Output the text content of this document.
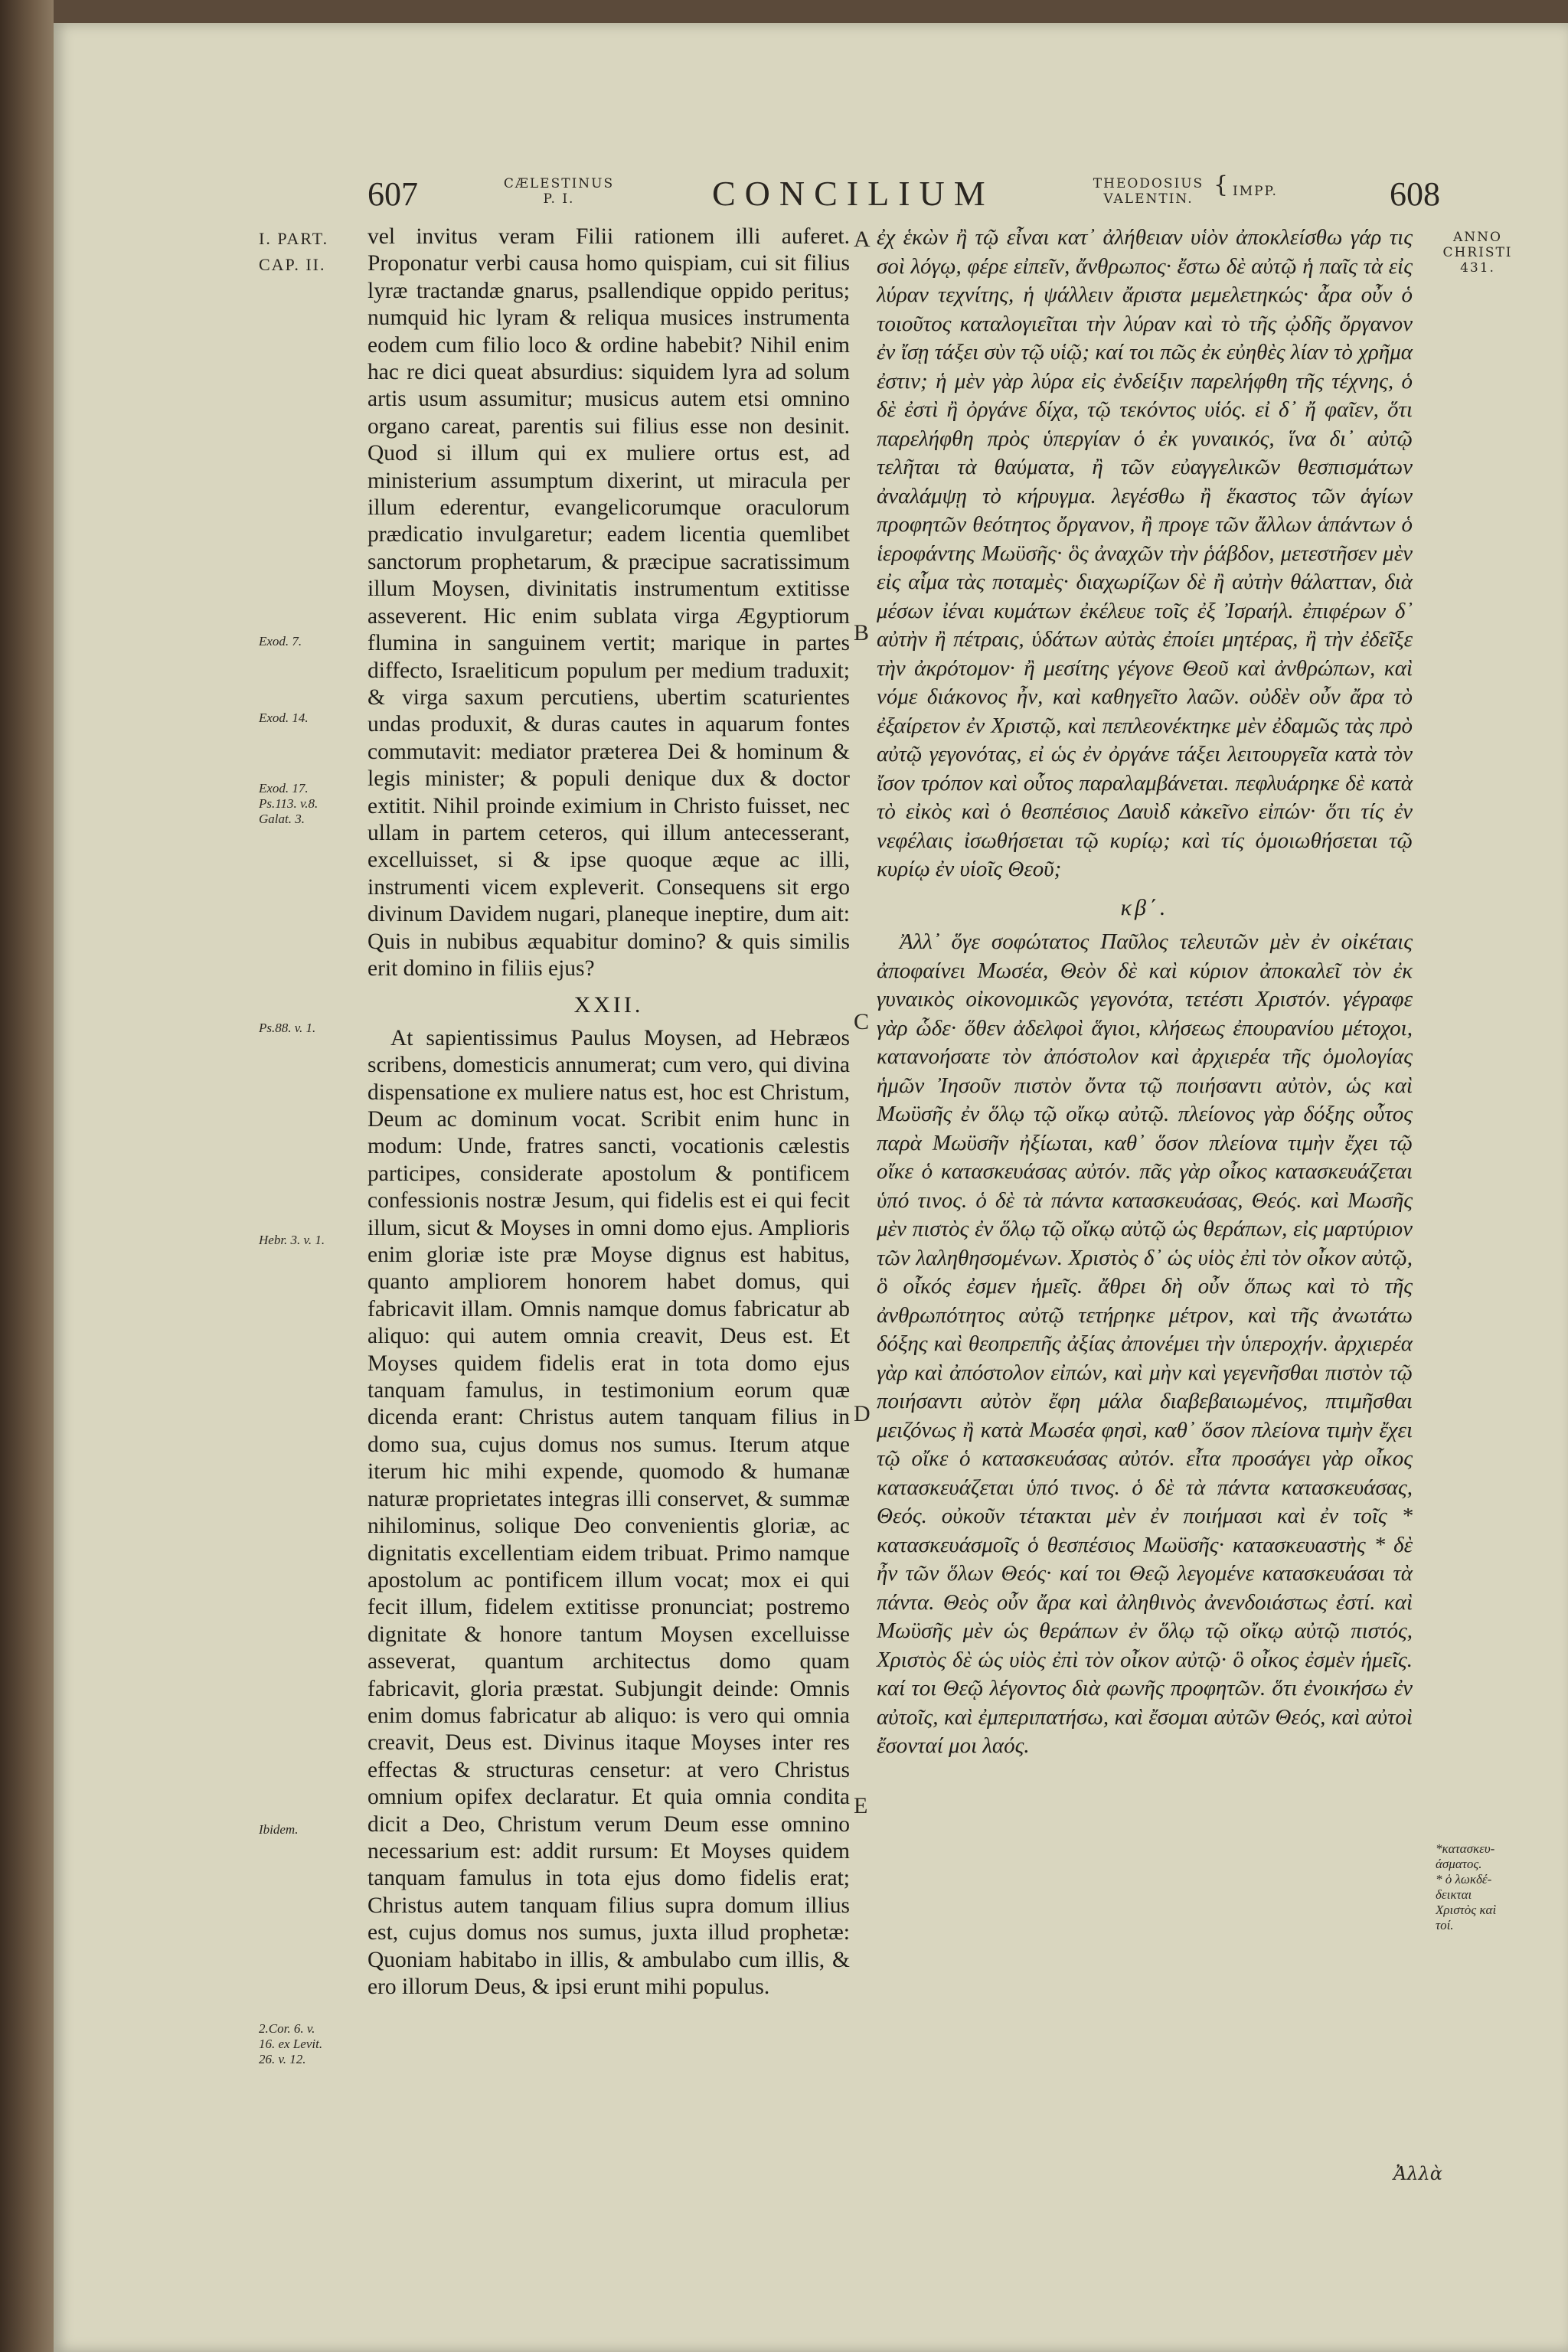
607	CÆLESTINUS
P. I.	CONCILIUM	THEODOSIUS
VALENTIN.
{ IMPP.	608
ANNO
CHRISTI
431.
I. PART.
CAP. II.
Exod. 7.
Exod. 14.
Exod. 17.
Ps.113. v.8.
Galat. 3.
Ps.88. v. 1.
Hebr. 3. v. 1.
Ibidem.
2.Cor. 6. v.
16. ex Levit.
26. v. 12.
A
B
C
D
E

vel invitus veram Filii rationem illi auferet. Proponatur verbi causa homo quispiam, cui sit filius lyræ tractandæ gnarus, psallendique oppido peritus; numquid hic lyram & reliqua musices instrumenta eodem cum filio loco & ordine habebit? Nihil enim hac re dici queat absurdius: siquidem lyra ad solum artis usum assumitur; musicus autem etsi omnino organo careat, parentis sui filius esse non desinit. Quod si illum qui ex muliere ortus est, ad ministerium assumptum dixerint, ut miracula per illum ederentur, evangelicorumque oraculorum prædicatio invulgaretur; eadem licentia quemlibet sanctorum prophetarum, & præcipue sacratissimum illum Moysen, divinitatis instrumentum extitisse asseverent. Hic enim sublata virga Ægyptiorum flumina in sanguinem vertit; marique in partes diffecto, Israeliticum populum per medium traduxit; & virga saxum percutiens, ubertim scaturientes undas produxit, & duras cautes in aquarum fontes commutavit: mediator præterea Dei & hominum & legis minister; & populi denique dux & doctor extitit. Nihil proinde eximium in Christo fuisset, nec ullam in partem ceteros, qui illum antecesserant, excelluisset, si & ipse quoque æque ac illi, instrumenti vicem expleverit. Consequens sit ergo divinum Davidem nugari, planeque ineptire, dum ait: Quis in nubibus æquabitur domino? & quis similis erit domino in filiis ejus?

XXII.

At sapientissimus Paulus Moysen, ad Hebræos scribens, domesticis annumerat; cum vero, qui divina dispensatione ex muliere natus est, hoc est Christum, Deum ac dominum vocat. Scribit enim hunc in modum: Unde, fratres sancti, vocationis cælestis participes, considerate apostolum & pontificem confessionis nostræ Jesum, qui fidelis est ei qui fecit illum, sicut & Moyses in omni domo ejus. Amplioris enim gloriæ iste præ Moyse dignus est habitus, quanto ampliorem honorem habet domus, qui fabricavit illam. Omnis namque domus fabricatur ab aliquo: qui autem omnia creavit, Deus est. Et Moyses quidem fidelis erat in tota domo ejus tanquam famulus, in testimonium eorum quæ dicenda erant: Christus autem tanquam filius in domo sua, cujus domus nos sumus. Iterum atque iterum hic mihi expende, quomodo & humanæ naturæ proprietates integras illi conservet, & summæ nihilominus, solique Deo convenientis gloriæ, ac dignitatis excellentiam eidem tribuat. Primo namque apostolum ac pontificem illum vocat; mox ei qui fecit illum, fidelem extitisse pronunciat; postremo dignitate & honore tantum Moysen excelluisse asseverat, quantum architectus domo quam fabricavit, gloria præstat. Subjungit deinde: Omnis enim domus fabricatur ab aliquo: is vero qui omnia creavit, Deus est. Divinus itaque Moyses inter res effectas & structuras censetur: at vero Christus omnium opifex declaratur. Et quia omnia condita dicit a Deo, Christum verum Deum esse omnino necessarium est: addit rursum: Et Moyses quidem tanquam famulus in tota ejus domo fidelis erat; Christus autem tanquam filius supra domum illius est, cujus domus nos sumus, juxta illud prophetæ: Quoniam habitabo in illis, & ambulabo cum illis, & ero illorum Deus, & ipsi erunt mihi populus.

ἐχ ἑκὼν ἢ τῷ εἶναι κατ᾽ ἀλήθειαν υἱὸν ἀποκλείσθω γάρ τις σοὶ λόγῳ, φέρε εἰπεῖν, ἄνθρωπος· ἔστω δὲ αὐτῷ ἡ παῖς τὰ εἰς λύραν τεχνίτης, ἡ ψάλλειν ἄριστα μεμελετηκώς· ἆρα οὖν ὁ τοιοῦτος καταλογιεῖται τὴν λύραν καὶ τὸ τῆς ᾠδῆς ὄργανον ἐν ἴσῃ τάξει σὺν τῷ υἱῷ; καί τοι πῶς ἐκ εὐηθὲς λίαν τὸ χρῆμα ἐστιν; ἡ μὲν γὰρ λύρα εἰς ἐνδείξιν παρελήφθη τῆς τέχνης, ὁ δὲ ἐστὶ ἢ ὀργάνε δίχα, τῷ τεκόντος υἱός. εἰ δ᾽ ἤ φαῖεν, ὅτι παρελήφθη πρὸς ὑπεργίαν ὁ ἐκ γυναικός, ἵνα δι᾽ αὐτῷ τελῆται τὰ θαύματα, ἢ τῶν εὐαγγελικῶν θεσπισμάτων ἀναλάμψῃ τὸ κήρυγμα. λεγέσθω ἢ ἕκαστος τῶν ἁγίων προφητῶν θεότητος ὄργανον, ἢ προγε τῶν ἄλλων ἁπάντων ὁ ἱεροφάντης Μωϋσῆς· ὃς ἀναχῶν τὴν ῥάβδον, μετεστῆσεν μὲν εἰς αἷμα τὰς ποταμὲς· διαχωρίζων δὲ ἢ αὐτὴν θάλατταν, διὰ μέσων ἰέναι κυμάτων ἐκέλευε τοῖς ἐξ Ἰσραήλ. ἐπιφέρων δ᾽ αὐτὴν ἢ πέτραις, ὑδάτων αὐτὰς ἐποίει μητέρας, ἢ τὴν ἐδεῖξε τὴν ἀκρότομον· ἢ μεσίτης γέγονε Θεοῦ καὶ ἀνθρώπων, καὶ νόμε διάκονος ἦν, καὶ καθηγεῖτο λαῶν. οὐδὲν οὖν ἄρα τὸ ἐξαίρετον ἐν Χριστῷ, καὶ πεπλεονέκτηκε μὲν ἐδαμῶς τὰς πρὸ αὐτῷ γεγονότας, εἰ ὡς ἐν ὀργάνε τάξει λειτουργεῖα κατὰ τὸν ἴσον τρόπον καὶ οὗτος παραλαμβάνεται. πεφλυάρηκε δὲ κατὰ τὸ εἰκὸς καὶ ὁ θεσπέσιος Δαυὶδ κἀκεῖνο εἰπών· ὅτι τίς ἐν νεφέλαις ἰσωθήσεται τῷ κυρίῳ; καὶ τίς ὁμοιωθήσεται τῷ κυρίῳ ἐν υἱοῖς Θεοῦ;

κβ΄.

Ἀλλ᾽ ὅγε σοφώτατος Παῦλος τελευτῶν μὲν ἐν οἰκέταις ἀποφαίνει Μωσέα, Θεὸν δὲ καὶ κύριον ἀποκαλεῖ τὸν ἐκ γυναικὸς οἰκονομικῶς γεγονότα, τετέστι Χριστόν. γέγραφε γὰρ ὧδε· ὅθεν ἀδελφοὶ ἅγιοι, κλήσεως ἐπουρανίου μέτοχοι, κατανοήσατε τὸν ἀπόστολον καὶ ἀρχιερέα τῆς ὁμολογίας ἡμῶν Ἰησοῦν πιστὸν ὄντα τῷ ποιήσαντι αὐτὸν, ὡς καὶ Μωϋσῆς ἐν ὅλῳ τῷ οἴκῳ αὐτῷ. πλείονος γὰρ δόξης οὗτος παρὰ Μωϋσῆν ἠξίωται, καθ᾽ ὅσον πλείονα τιμὴν ἔχει τῷ οἴκε ὁ κατασκευάσας αὐτόν. πᾶς γὰρ οἶκος κατασκευάζεται ὑπό τινος. ὁ δὲ τὰ πάντα κατασκευάσας, Θεός. καὶ Μωσῆς μὲν πιστὸς ἐν ὅλῳ τῷ οἴκῳ αὐτῷ ὡς θεράπων, εἰς μαρτύριον τῶν λαληθησομένων. Χριστὸς δ᾽ ὡς υἱὸς ἐπὶ τὸν οἶκον αὐτῷ, ὃ οἶκός ἐσμεν ἡμεῖς. ἄθρει δὴ οὖν ὅπως καὶ τὸ τῆς ἀνθρωπότητος αὐτῷ τετήρηκε μέτρον, καὶ τῆς ἀνωτάτω δόξης καὶ θεοπρεπῆς ἀξίας ἀπονέμει τὴν ὑπεροχήν. ἀρχιερέα γὰρ καὶ ἀπόστολον εἰπών, καὶ μὴν καὶ γεγενῆσθαι πιστὸν τῷ ποιήσαντι αὐτὸν ἔφη μάλα διαβεβαιωμένος, πτιμῆσθαι μειζόνως ἢ κατὰ Μωσέα φησὶ, καθ᾽ ὅσον πλείονα τιμὴν ἔχει τῷ οἴκε ὁ κατασκευάσας αὐτόν. εἶτα προσάγει γὰρ οἶκος κατασκευάζεται ὑπό τινος. ὁ δὲ τὰ πάντα κατασκευάσας, Θεός. οὐκοῦν τέτακται μὲν ἐν ποιήμασι καὶ ἐν τοῖς * κατασκευάσμοῖς ὁ θεσπέσιος Μωϋσῆς· κατασκευαστὴς * δὲ ἦν τῶν ὅλων Θεός· καί τοι Θεῷ λεγομένε κατασκευάσαι τὰ πάντα. Θεὸς οὖν ἄρα καὶ ἀληθινὸς ἀνενδοιάστως ἐστί. καὶ Μωϋσῆς μὲν ὡς θεράπων ἐν ὅλῳ τῷ οἴκῳ αὐτῷ πιστός, Χριστὸς δὲ ὡς υἱὸς ἐπὶ τὸν οἶκον αὐτῷ· ὃ οἶκος ἐσμὲν ἡμεῖς. καί τοι Θεῷ λέγοντος διὰ φωνῆς προφητῶν. ὅτι ἐνοικήσω ἐν αὐτοῖς, καὶ ἐμπεριπατήσω, καὶ ἔσομαι αὐτῶν Θεός, καὶ αὐτοὶ ἔσονταί μοι λαός.

*κατασκευ-
άσματος.
* ὁ λωκδέ-
δεικται
Χριστὸς καὶ
τοί.
Ἀλλὰ
